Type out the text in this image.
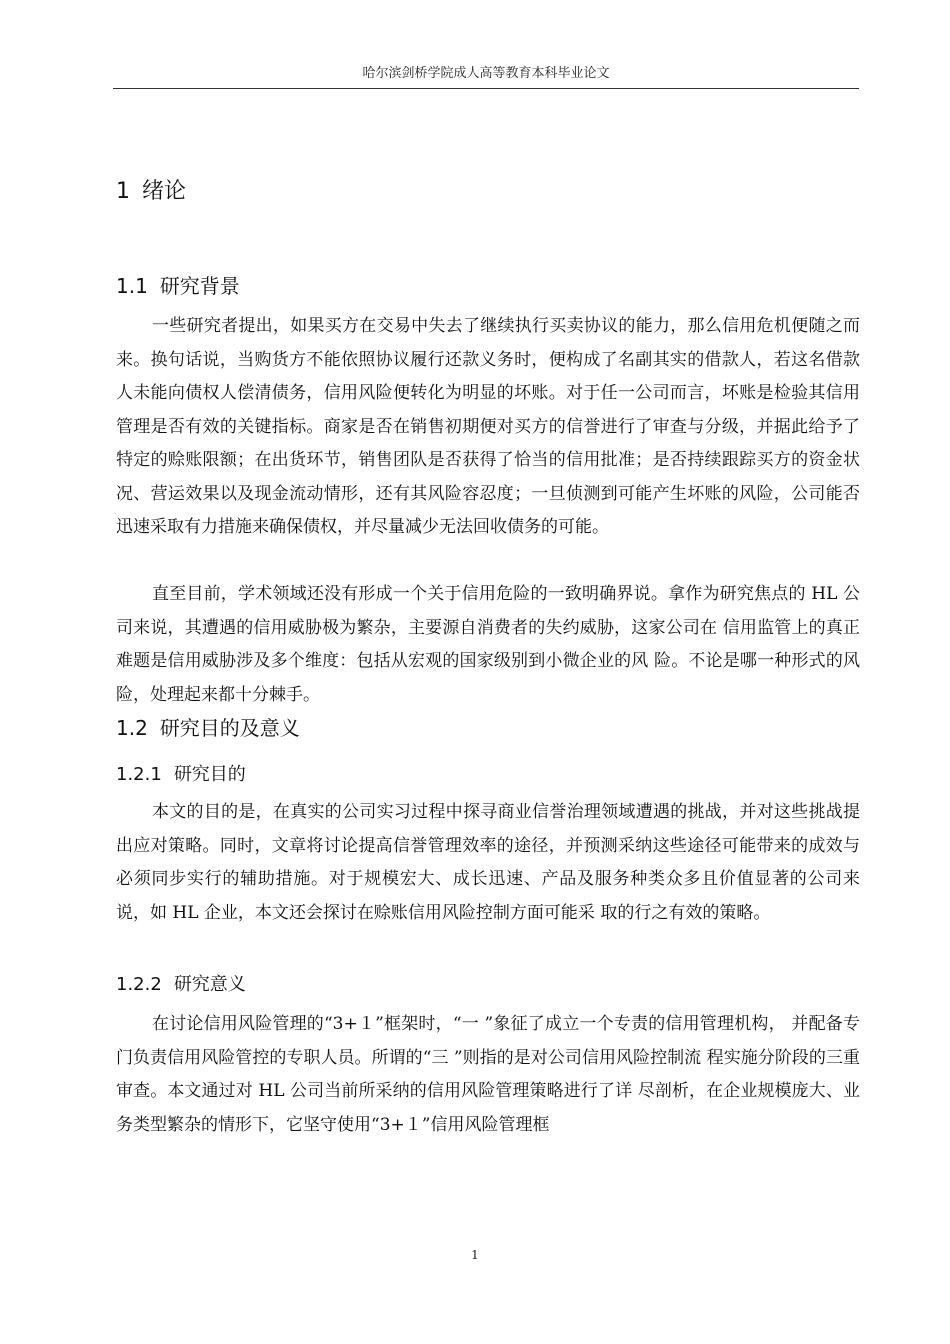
哈尔滨剑桥学院成人高等教育本科毕业论文
1 绪论
1.1 研究背景

一些研究者提出，如果买方在交易中失去了继续执行买卖协议的能力，那么信用危机便随之而来。换句话说，当购货方不能依照协议履行还款义务时，便构成了名副其实的借款人，若这名借款人未能向债权人偿清债务，信用风险便转化为明显的坏账。对于任一公司而言，坏账是检验其信用管理是否有效的关键指标。商家是否在销售初期便对买方的信誉进行了审查与分级，并据此给予了特定的赊账限额；在出货环节，销售团队是否获得了恰当的信用批准；是否持续跟踪买方的资金状况、营运效果以及现金流动情形，还有其风险容忍度；一旦侦测到可能产生坏账的风险，公司能否迅速采取有力措施来确保债权，并尽量减少无法回收债务的可能。

直至目前，学术领域还没有形成一个关于信用危险的一致明确界说。拿作为研究焦点的 HL 公司来说，其遭遇的信用威胁极为繁杂，主要源自消费者的失约威胁，这家公司在 信用监管上的真正难题是信用威胁涉及多个维度：包括从宏观的国家级别到小微企业的风 险。不论是哪一种形式的风险，处理起来都十分棘手。

1.2 研究目的及意义
1.2.1 研究目的

本文的目的是，在真实的公司实习过程中探寻商业信誉治理领域遭遇的挑战，并对这些挑战提出应对策略。同时，文章将讨论提高信誉管理效率的途径，并预测采纳这些途径可能带来的成效与必须同步实行的辅助措施。对于规模宏大、成长迅速、产品及服务种类众多且价值显著的公司来说，如 HL 企业，本文还会探讨在赊账信用风险控制方面可能采 取的行之有效的策略。

1.2.2 研究意义

在讨论信用风险管理的“3+１”框架时，“一 ”象征了成立一个专责的信用管理机构， 并配备专门负责信用风险管控的专职人员。所谓的“三 ”则指的是对公司信用风险控制流 程实施分阶段的三重审查。本文通过对 HL 公司当前所采纳的信用风险管理策略进行了详 尽剖析，在企业规模庞大、业务类型繁杂的情形下，它坚守使用“3+１”信用风险管理框

1
